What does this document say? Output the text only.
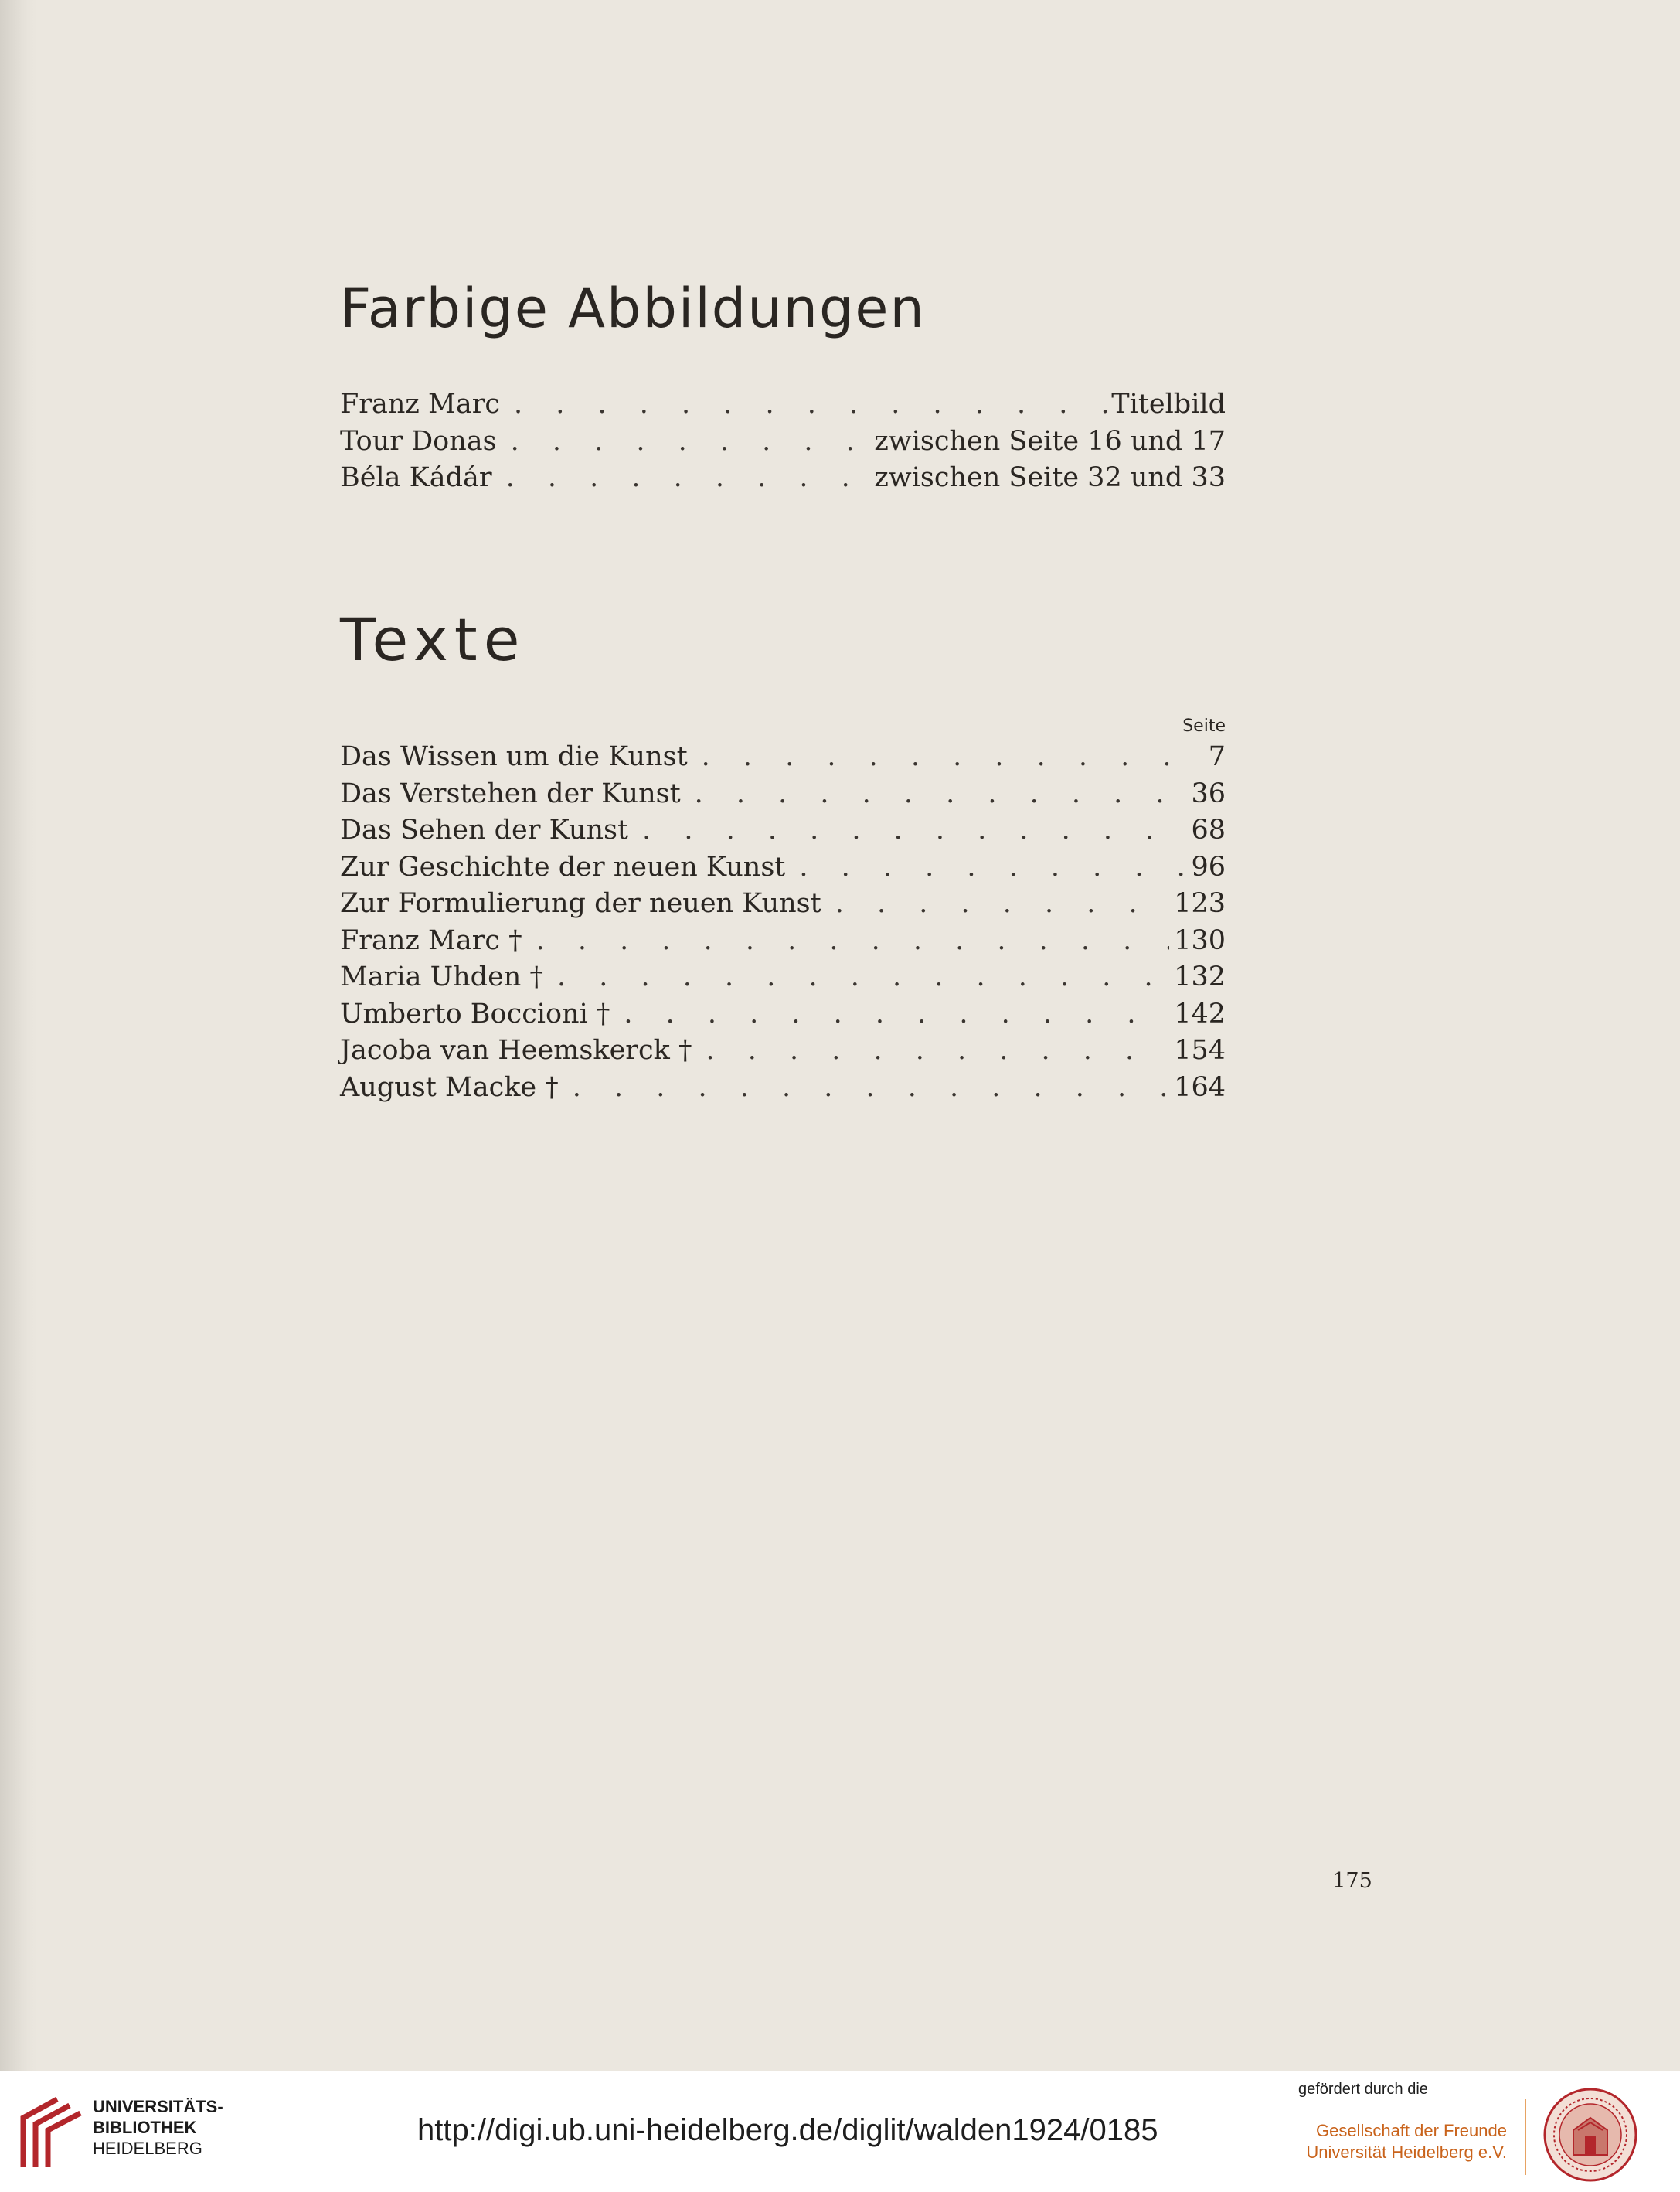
Farbige Abbildungen
Franz Marc . . .	Titelbild
Tour Donas . . .	zwischen Seite 16 und 17
Béla Kádár . . .	zwischen Seite 32 und 33
Texte
Seite
Das Wissen um die Kunst . . .	7
Das Verstehen der Kunst . . .	36
Das Sehen der Kunst . . .	68
Zur Geschichte der neuen Kunst . . .	96
Zur Formulierung der neuen Kunst . . .	123
Franz Marc † . . .	130
Maria Uhden † . . .	132
Umberto Boccioni † . . .	142
Jacoba van Heemskerck † . . .	154
August Macke † . . .	164
175
UNIVERSITÄTS-
BIBLIOTHEK
HEIDELBERG
http://digi.ub.uni-heidelberg.de/diglit/walden1924/0185
gefördert durch die
Gesellschaft der Freunde
Universität Heidelberg e.V.
